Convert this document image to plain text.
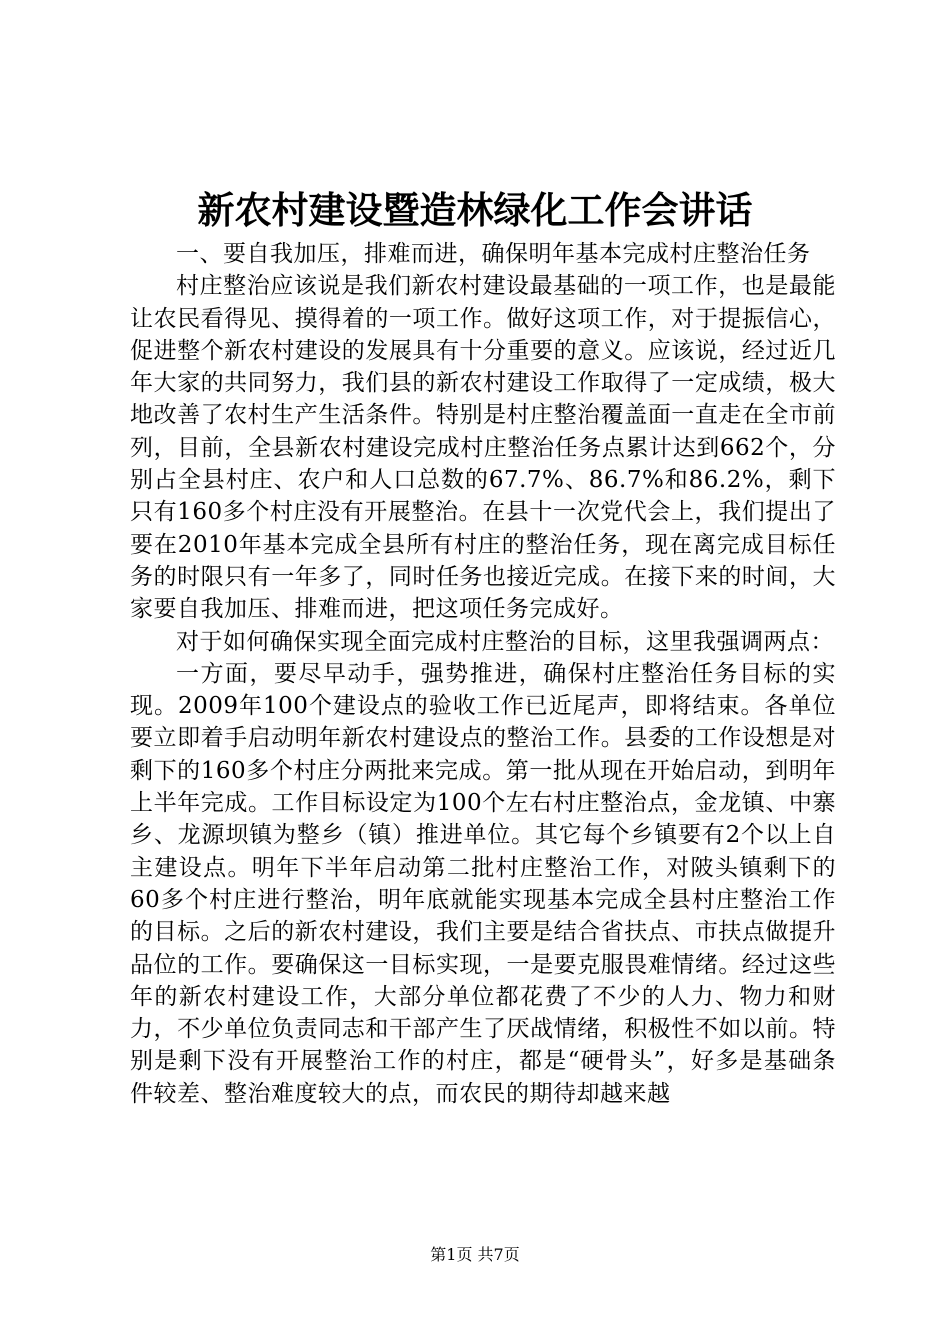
新农村建设暨造林绿化工作会讲话

一、要自我加压，排难而进，确保明年基本完成村庄整治任务

村庄整治应该说是我们新农村建设最基础的一项工作，也是最能让农民看得见、摸得着的一项工作。做好这项工作，对于提振信心，促进整个新农村建设的发展具有十分重要的意义。应该说，经过近几年大家的共同努力，我们县的新农村建设工作取得了一定成绩，极大地改善了农村生产生活条件。特别是村庄整治覆盖面一直走在全市前列，目前，全县新农村建设完成村庄整治任务点累计达到662个，分别占全县村庄、农户和人口总数的67.7%、86.7%和86.2%，剩下只有160多个村庄没有开展整治。在县十一次党代会上，我们提出了要在2010年基本完成全县所有村庄的整治任务，现在离完成目标任务的时限只有一年多了，同时任务也接近完成。在接下来的时间，大家要自我加压、排难而进，把这项任务完成好。

对于如何确保实现全面完成村庄整治的目标，这里我强调两点：

一方面，要尽早动手，强势推进，确保村庄整治任务目标的实现。2009年100个建设点的验收工作已近尾声，即将结束。各单位要立即着手启动明年新农村建设点的整治工作。县委的工作设想是对剩下的160多个村庄分两批来完成。第一批从现在开始启动，到明年上半年完成。工作目标设定为100个左右村庄整治点，金龙镇、中寨乡、龙源坝镇为整乡（镇）推进单位。其它每个乡镇要有2个以上自主建设点。明年下半年启动第二批村庄整治工作，对陂头镇剩下的60多个村庄进行整治，明年底就能实现基本完成全县村庄整治工作的目标。之后的新农村建设，我们主要是结合省扶点、市扶点做提升品位的工作。要确保这一目标实现，一是要克服畏难情绪。经过这些年的新农村建设工作，大部分单位都花费了不少的人力、物力和财力，不少单位负责同志和干部产生了厌战情绪，积极性不如以前。特别是剩下没有开展整治工作的村庄，都是“硬骨头”，好多是基础条件较差、整治难度较大的点，而农民的期待却越来越

第1页 共7页
